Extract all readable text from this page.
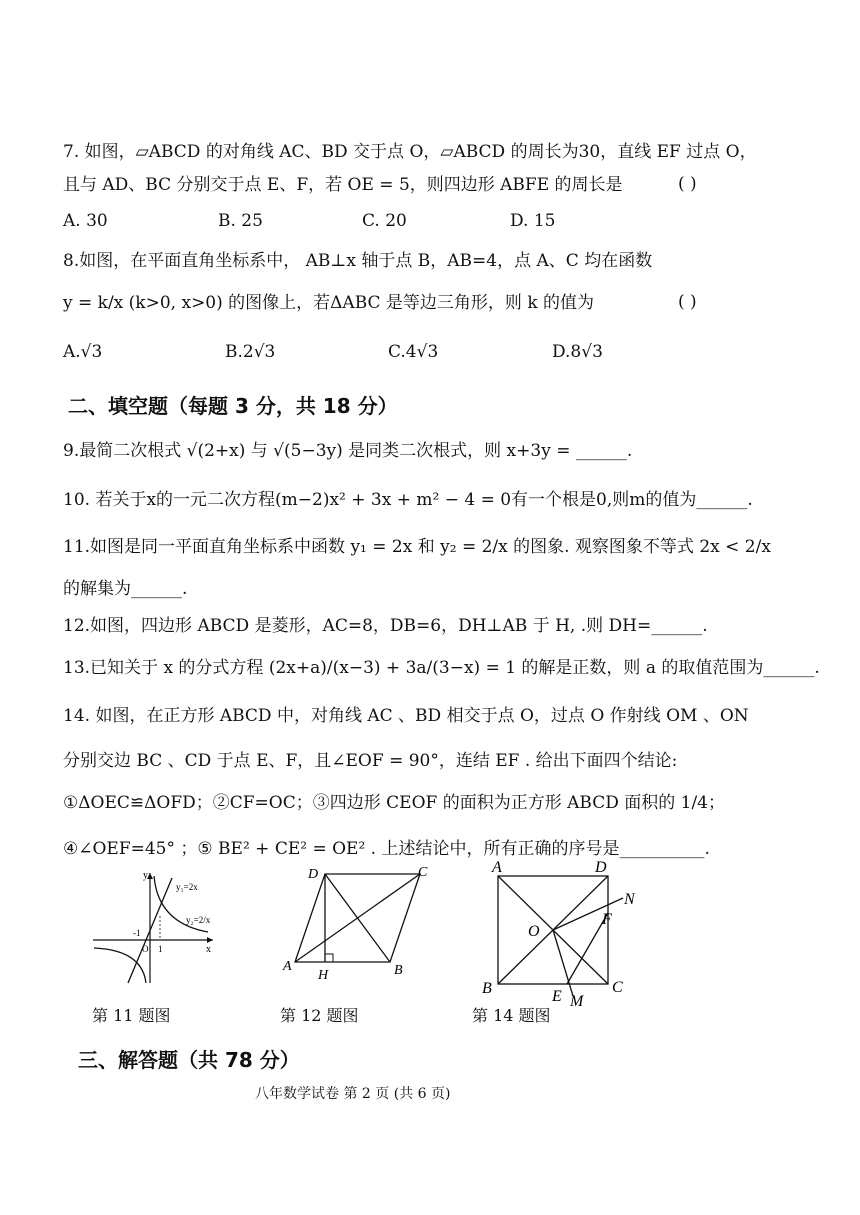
7. 如图，▱ABCD 的对角线 AC、BD 交于点 O，▱ABCD 的周长为30，直线 EF 过点 O，
且与 AD、BC 分别交于点 E、F，若 OE = 5，则四边形 ABFE 的周长是	( )
A. 30	B. 25	C. 20	D. 15
8.如图，在平面直角坐标系中， AB⊥x 轴于点 B，AB=4，点 A、C 均在函数
y = k/x (k>0, x>0) 的图像上，若ΔABC 是等边三角形，则 k 的值为	( )
A.√3	B.2√3	C.4√3	D.8√3
二、填空题（每题 3 分，共 18 分）
9.最简二次根式 √(2+x) 与 √(5−3y) 是同类二次根式，则 x+3y = ______.
10. 若关于x的一元二次方程(m−2)x² + 3x + m² − 4 = 0有一个根是0,则m的值为______.
11.如图是同一平面直角坐标系中函数 y₁ = 2x 和 y₂ = 2/x 的图象. 观察图象不等式 2x < 2/x
的解集为______.
12.如图，四边形 ABCD 是菱形，AC=8，DB=6，DH⊥AB 于 H, .则 DH=______.
13.已知关于 x 的分式方程 (2x+a)/(x−3) + 3a/(3−x) = 1 的解是正数，则 a 的取值范围为______.
14. 如图，在正方形 ABCD 中，对角线 AC 、BD 相交于点 O，过点 O 作射线 OM 、ON
分别交边 BC 、CD 于点 E、F，且∠EOF = 90°，连结 EF . 给出下面四个结论:
①ΔOEC≌ΔOFD；②CF=OC；③四边形 CEOF 的面积为正方形 ABCD 面积的 1/4；
④∠OEF=45° ；⑤ BE² + CE² = OE² . 上述结论中，所有正确的序号是__________.
y
x
O 1
-1
y₁=2x
y₂=2/x
第 11 题图
A	B
C
D
H
第 12 题图
A
B	C
D
O
E
F
M
N
第 14 题图
三、解答题（共 78 分）
八年数学试卷 第 2 页 (共 6 页)
